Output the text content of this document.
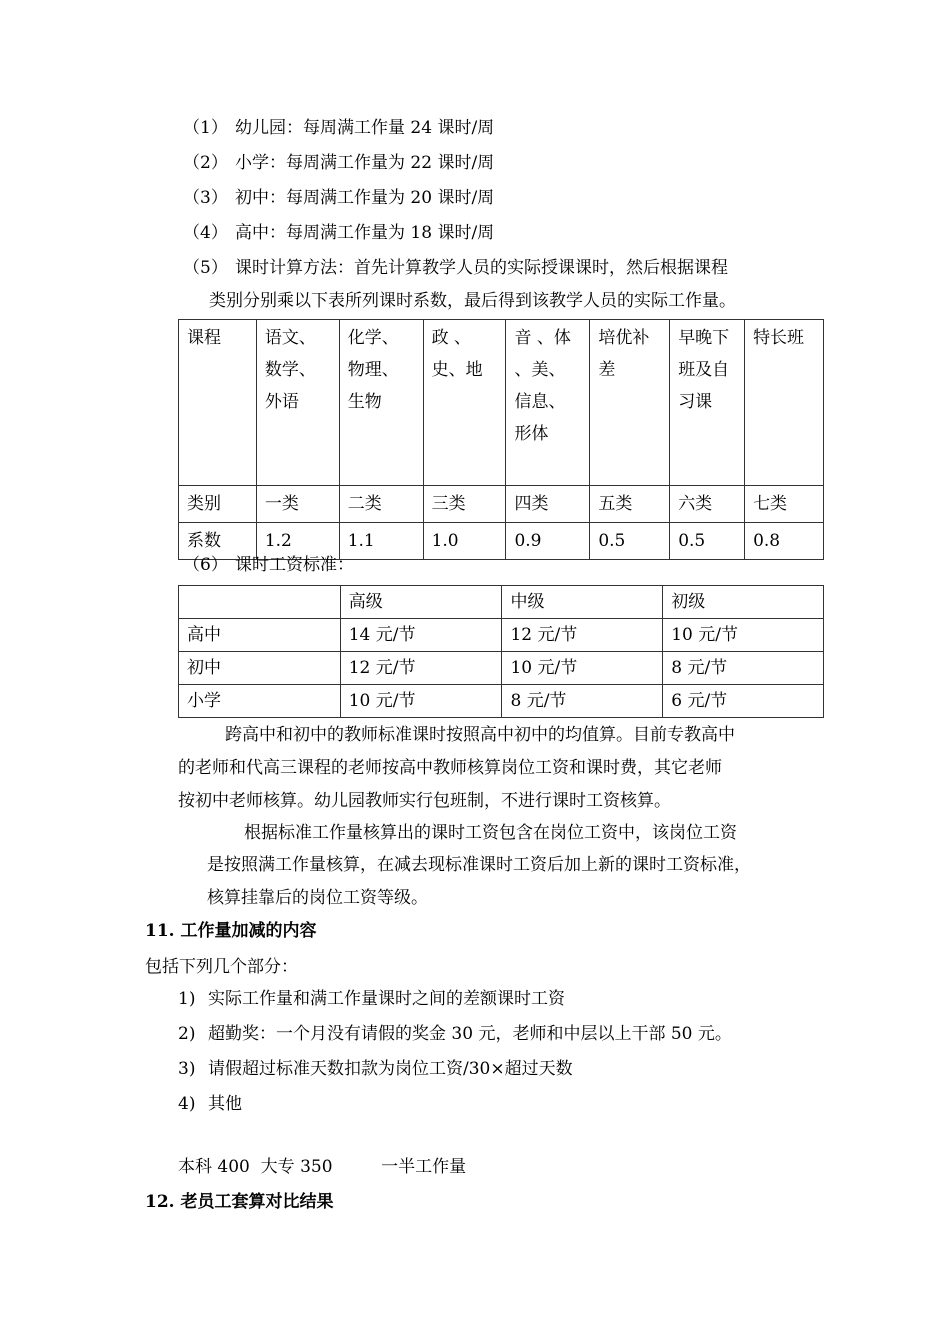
（1） 幼儿园：每周满工作量 24 课时/周
（2） 小学：每周满工作量为 22 课时/周
（3） 初中：每周满工作量为 20 课时/周
（4） 高中：每周满工作量为 18 课时/周
（5） 课时计算方法：首先计算教学人员的实际授课课时，然后根据课程
类别分别乘以下表所列课时系数，最后得到该教学人员的实际工作量。
课程	语文、数学、外语	化学、物理、生物	政 、史、地	音 、体 、美、信息、形体	培优补差	早晚下班及自习课	特长班
类别	一类	二类	三类	四类	五类	六类	七类
系数	1.2	1.1	1.0	0.9	0.5	0.5	0.8
（6） 课时工资标准：
	高级	中级	初级
高中	14 元/节	12 元/节	10 元/节
初中	12 元/节	10 元/节	8 元/节
小学	10 元/节	8 元/节	6 元/节
跨高中和初中的教师标准课时按照高中初中的均值算。目前专教高中
的老师和代高三课程的老师按高中教师核算岗位工资和课时费，其它老师
按初中老师核算。幼儿园教师实行包班制，不进行课时工资核算。
根据标准工作量核算出的课时工资包含在岗位工资中，该岗位工资
是按照满工作量核算，在减去现标准课时工资后加上新的课时工资标准，
核算挂靠后的岗位工资等级。
11. 工作量加减的内容
包括下列几个部分：
1) 实际工作量和满工作量课时之间的差额课时工资
2) 超勤奖：一个月没有请假的奖金 30 元，老师和中层以上干部 50 元。
3) 请假超过标准天数扣款为岗位工资/30×超过天数
4) 其他
本科 400  大专 350         一半工作量
12. 老员工套算对比结果
